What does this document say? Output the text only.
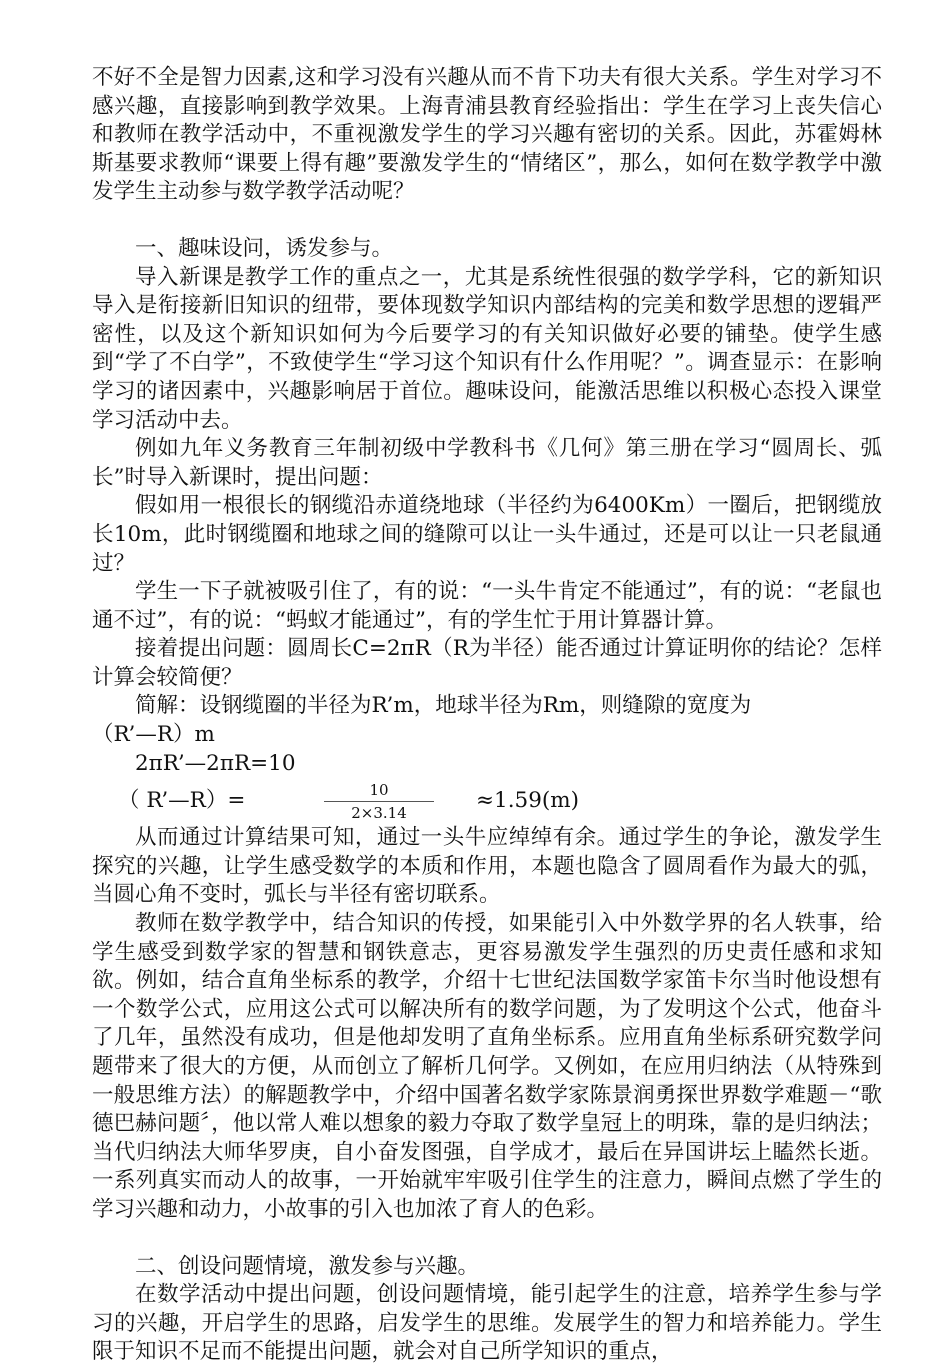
不好不全是智力因素,这和学习没有兴趣从而不肯下功夫有很大关系。学生对学习不感兴趣，直接影响到教学效果。上海青浦县教育经验指出：学生在学习上丧失信心和教师在教学活动中，不重视激发学生的学习兴趣有密切的关系。因此，苏霍姆林斯基要求教师“课要上得有趣”要激发学生的“情绪区”，那么，如何在数学教学中激发学生主动参与数学教学活动呢？

一、趣味设问，诱发参与。

导入新课是教学工作的重点之一，尤其是系统性很强的数学学科，它的新知识导入是衔接新旧知识的纽带，要体现数学知识内部结构的完美和数学思想的逻辑严密性，以及这个新知识如何为今后要学习的有关知识做好必要的铺垫。使学生感到“学了不白学”，不致使学生“学习这个知识有什么作用呢？”。调查显示：在影响学习的诸因素中，兴趣影响居于首位。趣味设问，能激活思维以积极心态投入课堂学习活动中去。

例如九年义务教育三年制初级中学教科书《几何》第三册在学习“圆周长、弧长”时导入新课时，提出问题：

假如用一根很长的钢缆沿赤道绕地球（半径约为6400Km）一圈后，把钢缆放长10m，此时钢缆圈和地球之间的缝隙可以让一头牛通过，还是可以让一只老鼠通过？

学生一下子就被吸引住了，有的说：“一头牛肯定不能通过”，有的说：“老鼠也通不过”，有的说：“蚂蚁才能通过”，有的学生忙于用计算器计算。

接着提出问题：圆周长C=2πR（R为半径）能否通过计算证明你的结论？怎样计算会较简便？

简解：设钢缆圈的半径为R’m，地球半径为Rm，则缝隙的宽度为

（R’—R）m

2πR’—2πR=10

（ R’—R）=	$\frac{10}{2\times 3.14} \approx 1.59(m)$

从而通过计算结果可知，通过一头牛应绰绰有余。通过学生的争论，激发学生探究的兴趣，让学生感受数学的本质和作用，本题也隐含了圆周看作为最大的弧，当圆心角不变时，弧长与半径有密切联系。

教师在数学教学中，结合知识的传授，如果能引入中外数学界的名人轶事，给学生感受到数学家的智慧和钢铁意志，更容易激发学生强烈的历史责任感和求知欲。例如，结合直角坐标系的教学，介绍十七世纪法国数学家笛卡尔当时他设想有一个数学公式，应用这公式可以解决所有的数学问题，为了发明这个公式，他奋斗了几年，虽然没有成功，但是他却发明了直角坐标系。应用直角坐标系研究数学问题带来了很大的方便，从而创立了解析几何学。又例如，在应用归纳法（从特殊到一般思维方法）的解题教学中，介绍中国著名数学家陈景润勇探世界数学难题－“歌德巴赫问题〞，他以常人难以想象的毅力夺取了数学皇冠上的明珠，靠的是归纳法；当代归纳法大师华罗庚，自小奋发图强，自学成才，最后在异国讲坛上瞌然长逝。一系列真实而动人的故事，一开始就牢牢吸引住学生的注意力，瞬间点燃了学生的学习兴趣和动力，小故事的引入也加浓了育人的色彩。

二、创设问题情境，激发参与兴趣。

在数学活动中提出问题，创设问题情境，能引起学生的注意，培养学生参与学习的兴趣，开启学生的思路，启发学生的思维。发展学生的智力和培养能力。学生限于知识不足而不能提出问题，就会对自己所学知识的重点，
